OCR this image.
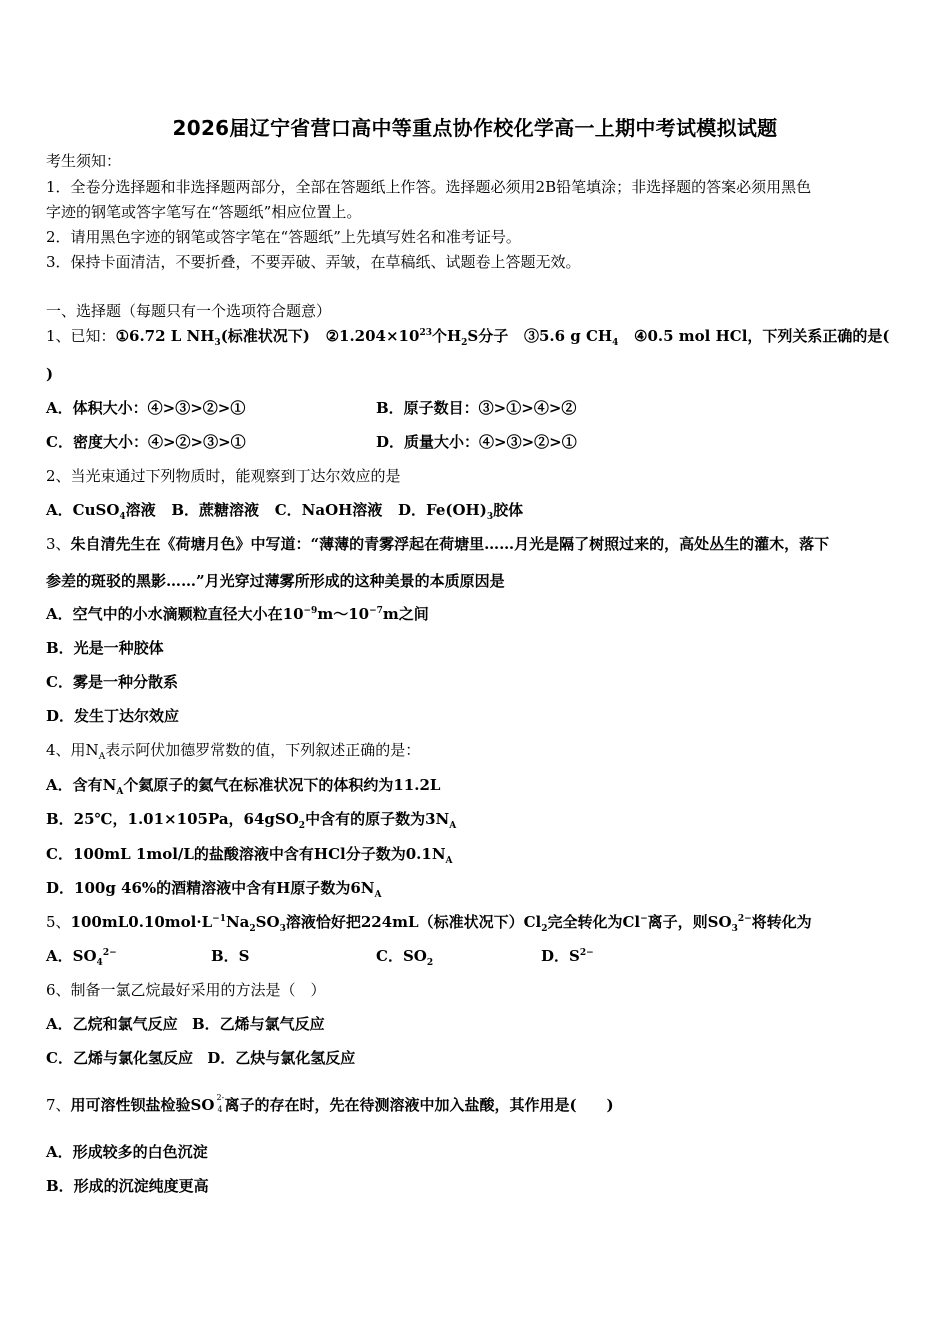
2026届辽宁省营口高中等重点协作校化学高一上期中考试模拟试题
考生须知：
1．全卷分选择题和非选择题两部分，全部在答题纸上作答。选择题必须用2B铅笔填涂；非选择题的答案必须用黑色
字迹的钢笔或答字笔写在“答题纸”相应位置上。
2．请用黑色字迹的钢笔或答字笔在“答题纸”上先填写姓名和准考证号。
3．保持卡面清洁，不要折叠，不要弄破、弄皱，在草稿纸、试题卷上答题无效。
一、选择题（每题只有一个选项符合题意）
1、已知：①6.72 L $NH_3$(标准状况下) $②1.204\times 10^{23}$个$H_2S$分子 ③5.6 g $CH_4$ ④0.5 mol HCl，下列关系正确的是(
)
A．体积大小：④>③>②>①	B．原子数目：③>①>④>②
C．密度大小：④>②>③>①	D．质量大小：④>③>②>①
2、当光束通过下列物质时，能观察到丁达尔效应的是
A．CuSO$_4$溶液 B．蔗糖溶液 C．NaOH溶液 D．$Fe(OH)_3$胶体
3、朱自清先生在《荷塘月色》中写道：“薄薄的青雾浮起在荷塘里……月光是隔了树照过来的，高处丛生的灌木，落下
参差的斑驳的黑影……”月光穿过薄雾所形成的这种美景的本质原因是
A．空气中的小水滴颗粒直径大小在$10^{-9}m\sim 10^{-7}m$之间
B．光是一种胶体
C．雾是一种分散系
D．发生丁达尔效应
4、用$N_A$表示阿伏加德罗常数的值，下列叙述正确的是：
A．含有$N_A$个氦原子的氦气在标准状况下的体积约为11.2L
B．25℃，1.01×105Pa，64gSO$_2$中含有的原子数为$3N_A$
C．100mL 1mol/L的盐酸溶液中含有HCl分子数为$0.1N_A$
D．100g 46%的酒精溶液中含有H原子数为$6N_A$
5、$100mL0.10mol\cdot L^{-1}Na_2SO_3$溶液恰好把224mL（标准状况下）$Cl_2$完全转化为Cl−离子，则$SO_3^{2-}$将转化为
A．$SO_4^{2-}$	B．S	C．$SO_2$	D．$S^{2-}$
6、制备一氯乙烷最好采用的方法是（　）
A．乙烷和氯气反应 B．乙烯与氯气反应
C．乙烯与氯化氢反应 D．乙炔与氯化氢反应
7、用可溶性钡盐检验SO 2-
4 离子的存在时，先在待测溶液中加入盐酸，其作用是(　　)
A．形成较多的白色沉淀
B．形成的沉淀纯度更高
